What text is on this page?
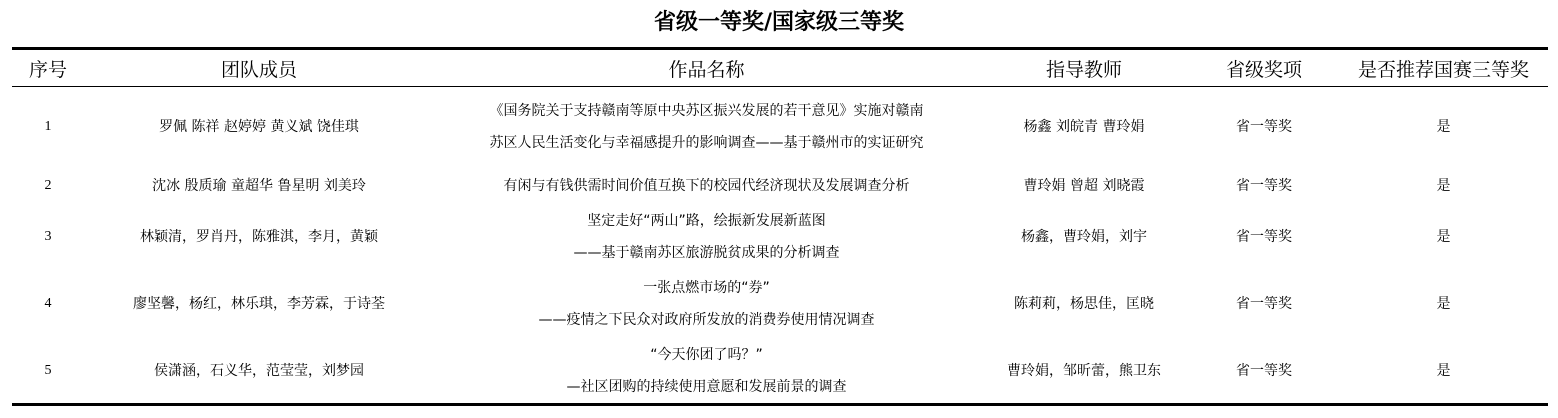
省级一等奖/国家级三等奖
序号	团队成员	作品名称	指导教师	省级奖项	是否推荐国赛三等奖
1	罗佩 陈祥 赵婷婷 黄义斌 饶佳琪	《国务院关于支持赣南等原中央苏区振兴发展的若干意见》实施对赣南
苏区人民生活变化与幸福感提升的影响调查——基于赣州市的实证研究	杨鑫 刘皖青 曹玲娟	省一等奖	是
2	沈冰 殷质瑜 童超华 鲁星明 刘美玲	有闲与有钱供需时间价值互换下的校园代经济现状及发展调查分析	曹玲娟 曾超 刘晓霞	省一等奖	是
3	林颖清，罗肖丹，陈雅淇，李月，黄颖	坚定走好“两山”路，绘振新发展新蓝图
——基于赣南苏区旅游脱贫成果的分析调查	杨鑫，曹玲娟，刘宇	省一等奖	是
4	廖坚馨，杨红，林乐琪，李芳霖，于诗荃	一张点燃市场的“券”
——疫情之下民众对政府所发放的消费券使用情况调查	陈莉莉，杨思佳，匡晓	省一等奖	是
5	侯潇涵，石义华，范莹莹，刘梦园	“今天你团了吗？”
—社区团购的持续使用意愿和发展前景的调查	曹玲娟，邹昕蕾，熊卫东	省一等奖	是
